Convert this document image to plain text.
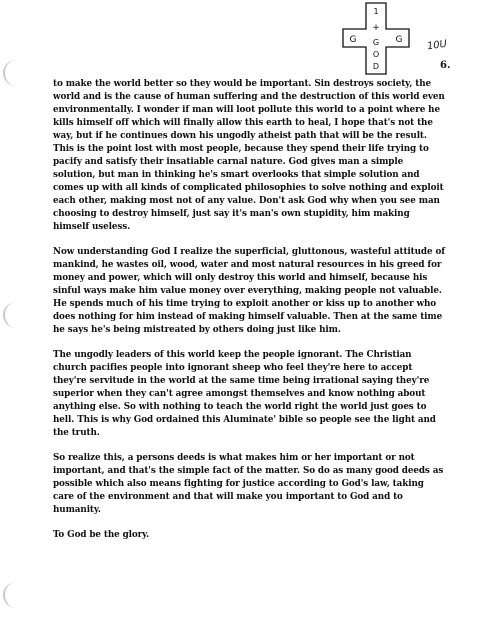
G	G
1
+
G
O
D
10U
6.

to make the world better so they would be important. Sin destroys society, the world and is the cause of human suffering and the destruction of this world even environmentally. I wonder if man will loot pollute this world to a point where he kills himself off which will finally allow this earth to heal, I hope that's not the way, but if he continues down his ungodly atheist path that will be the result. This is the point lost with most people, because they spend their life trying to pacify and satisfy their insatiable carnal nature. God gives man a simple solution, but man in thinking he's smart overlooks that simple solution and comes up with all kinds of complicated philosophies to solve nothing and exploit each other, making most not of any value. Don't ask God why when you see man choosing to destroy himself, just say it's man's own stupidity, him making himself useless.

Now understanding God I realize the superficial, gluttonous, wasteful attitude of mankind, he wastes oil, wood, water and most natural resources in his greed for money and power, which will only destroy this world and himself, because his sinful ways make him value money over everything, making people not valuable. He spends much of his time trying to exploit another or kiss up to another who does nothing for him instead of making himself valuable. Then at the same time he says he's being mistreated by others doing just like him.

The ungodly leaders of this world keep the people ignorant. The Christian church pacifies people into ignorant sheep who feel they're here to accept they're servitude in the world at the same time being irrational saying they're superior when they can't agree amongst themselves and know nothing about anything else. So with nothing to teach the world right the world just goes to hell. This is why God ordained this Aluminate' bible so people see the light and the truth.

So realize this, a persons deeds is what makes him or her important or not important, and that's the simple fact of the matter. So do as many good deeds as possible which also means fighting for justice according to God's law, taking care of the environment and that will make you important to God and to humanity.

To God be the glory.
